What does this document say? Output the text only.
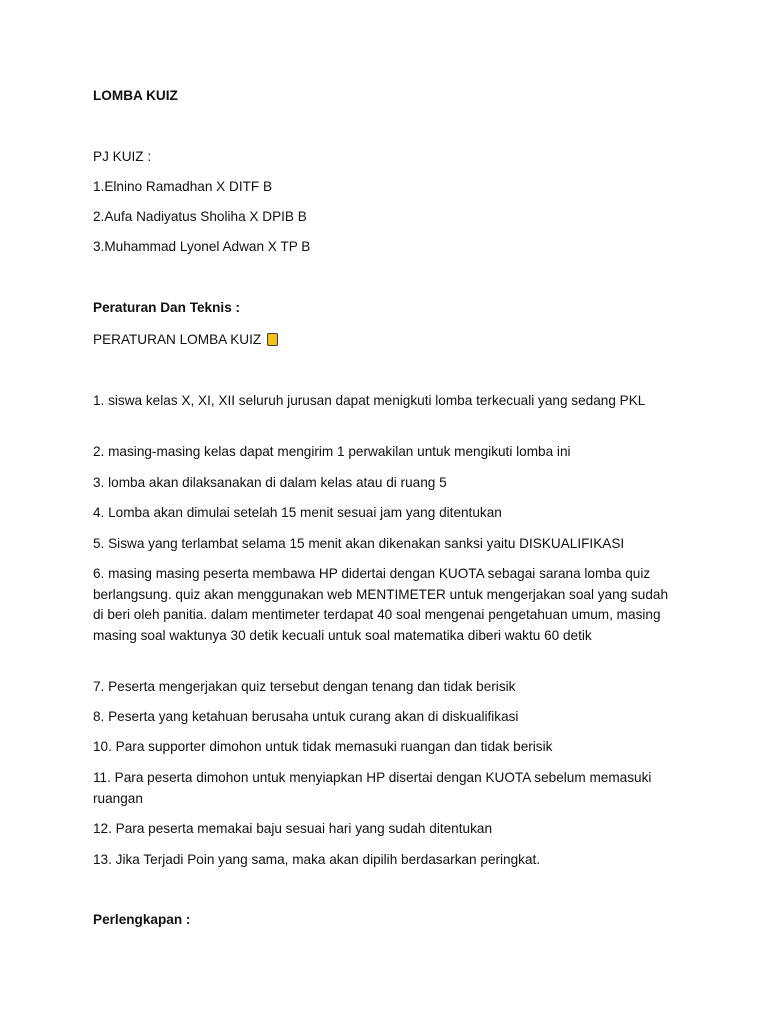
LOMBA KUIZ
PJ KUIZ :
1.Elnino Ramadhan X DITF B
2.Aufa Nadiyatus Sholiha X DPIB B
3.Muhammad Lyonel Adwan X TP B
Peraturan Dan Teknis :
PERATURAN LOMBA KUIZ
1. siswa kelas X, XI, XII seluruh jurusan dapat menigkuti lomba terkecuali yang sedang PKL
2. masing-masing kelas dapat mengirim 1 perwakilan untuk mengikuti lomba ini
3. lomba akan dilaksanakan di dalam kelas atau di ruang 5
4. Lomba akan dimulai setelah 15 menit sesuai jam yang ditentukan
5. Siswa yang terlambat selama 15 menit akan dikenakan sanksi yaitu DISKUALIFIKASI
6. masing masing peserta membawa HP didertai dengan KUOTA sebagai sarana lomba quiz berlangsung. quiz akan menggunakan web MENTIMETER untuk mengerjakan soal yang sudah di beri oleh panitia. dalam mentimeter terdapat 40 soal mengenai pengetahuan umum, masing masing soal waktunya 30 detik kecuali untuk soal matematika diberi waktu 60 detik
7. Peserta mengerjakan quiz tersebut dengan tenang dan tidak berisik
8. Peserta yang ketahuan berusaha untuk curang akan di diskualifikasi
10. Para supporter dimohon untuk tidak memasuki ruangan dan tidak berisik
11. Para peserta dimohon untuk menyiapkan HP disertai dengan KUOTA sebelum memasuki ruangan
12. Para peserta memakai baju sesuai hari yang sudah ditentukan
13. Jika Terjadi Poin yang sama, maka akan dipilih berdasarkan peringkat.
Perlengkapan :
